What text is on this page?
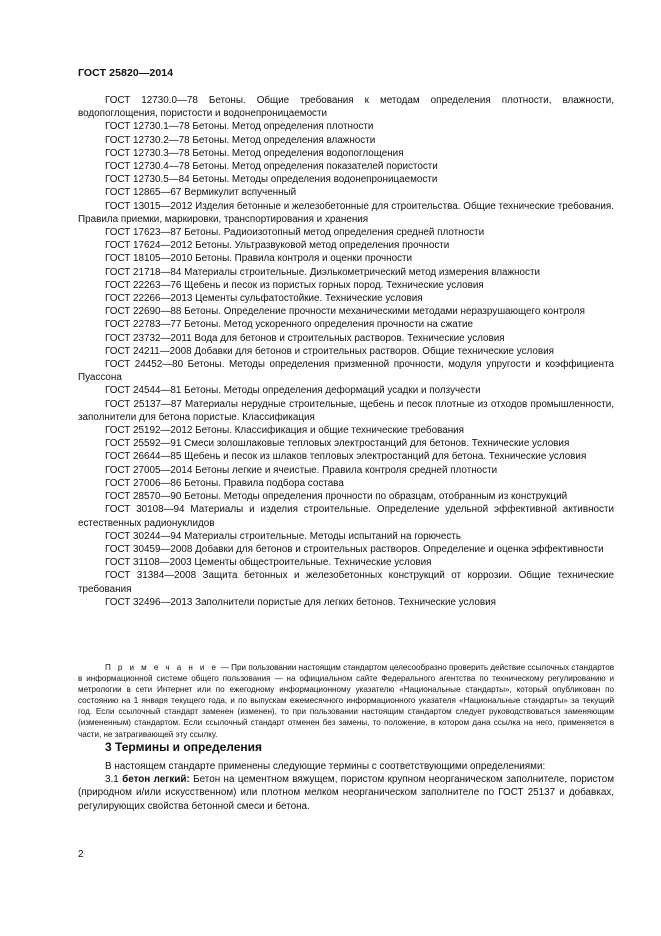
ГОСТ 25820—2014

ГОСТ 12730.0—78 Бетоны. Общие требования к методам определения плотности, влажности, водопоглощения, пористости и водонепроницаемости

ГОСТ 12730.1—78 Бетоны. Метод определения плотности

ГОСТ 12730.2—78 Бетоны. Метод определения влажности

ГОСТ 12730.3—78 Бетоны. Метод определения водопоглощения

ГОСТ 12730.4—78 Бетоны. Метод определения показателей пористости

ГОСТ 12730.5—84 Бетоны. Методы определения водонепроницаемости

ГОСТ 12865—67 Вермикулит вспученный

ГОСТ 13015—2012 Изделия бетонные и железобетонные для строительства. Общие технические требования. Правила приемки, маркировки, транспортирования и хранения

ГОСТ 17623—87 Бетоны. Радиоизотопный метод определения средней плотности

ГОСТ 17624—2012 Бетоны. Ультразвуковой метод определения прочности

ГОСТ 18105—2010 Бетоны. Правила контроля и оценки прочности

ГОСТ 21718—84 Материалы строительные. Диэлькометрический метод измерения влажности

ГОСТ 22263—76 Щебень и песок из пористых горных пород. Технические условия

ГОСТ 22266—2013 Цементы сульфатостойкие. Технические условия

ГОСТ 22690—88 Бетоны. Определение прочности механическими методами неразрушающего контроля

ГОСТ 22783—77 Бетоны. Метод ускоренного определения прочности на сжатие

ГОСТ 23732—2011 Вода для бетонов и строительных растворов. Технические условия

ГОСТ 24211—2008 Добавки для бетонов и строительных растворов. Общие технические условия

ГОСТ 24452—80 Бетоны. Методы определения призменной прочности, модуля упругости и коэффициента Пуассона

ГОСТ 24544—81 Бетоны. Методы определения деформаций усадки и ползучести

ГОСТ 25137—87 Материалы нерудные строительные, щебень и песок плотные из отходов промышленности, заполнители для бетона пористые. Классификация

ГОСТ 25192—2012 Бетоны. Классификация и общие технические требования

ГОСТ 25592—91 Смеси золошлаковые тепловых электростанций для бетонов. Технические условия

ГОСТ 26644—85 Щебень и песок из шлаков тепловых электростанций для бетона. Технические условия

ГОСТ 27005—2014 Бетоны легкие и ячеистые. Правила контроля средней плотности

ГОСТ 27006—86 Бетоны. Правила подбора состава

ГОСТ 28570—90 Бетоны. Методы определения прочности по образцам, отобранным из конструкций

ГОСТ 30108—94 Материалы и изделия строительные. Определение удельной эффективной активности естественных радионуклидов

ГОСТ 30244—94 Материалы строительные. Методы испытаний на горючесть

ГОСТ 30459—2008 Добавки для бетонов и строительных растворов. Определение и оценка эффективности

ГОСТ 31108—2003 Цементы общестроительные. Технические условия

ГОСТ 31384—2008 Защита бетонных и железобетонных конструкций от коррозии. Общие технические требования

ГОСТ 32496—2013 Заполнители пористые для легких бетонов. Технические условия

П р и м е ч а н и е — При пользовании настоящим стандартом целесообразно проверить действие ссылочных стандартов в информационной системе общего пользования — на официальном сайте Федерального агентства по техническому регулированию и метрологии в сети Интернет или по ежегодному информационному указателю «Национальные стандарты», который опубликован по состоянию на 1 января текущего года, и по выпускам ежемесячного информационного указателя «Национальные стандарты» за текущий год. Если ссылочный стандарт заменен (изменен), то при пользовании настоящим стандартом следует руководствоваться заменяющим (измененным) стандартом. Если ссылочный стандарт отменен без замены, то положение, в котором дана ссылка на него, применяется в части, не затрагивающей эту ссылку.

3 Термины и определения

В настоящем стандарте применены следующие термины с соответствующими определениями:

3.1 бетон легкий: Бетон на цементном вяжущем, пористом крупном неорганическом заполнителе, пористом (природном и/или искусственном) или плотном мелком неорганическом заполнителе по ГОСТ 25137 и добавках, регулирующих свойства бетонной смеси и бетона.

2
